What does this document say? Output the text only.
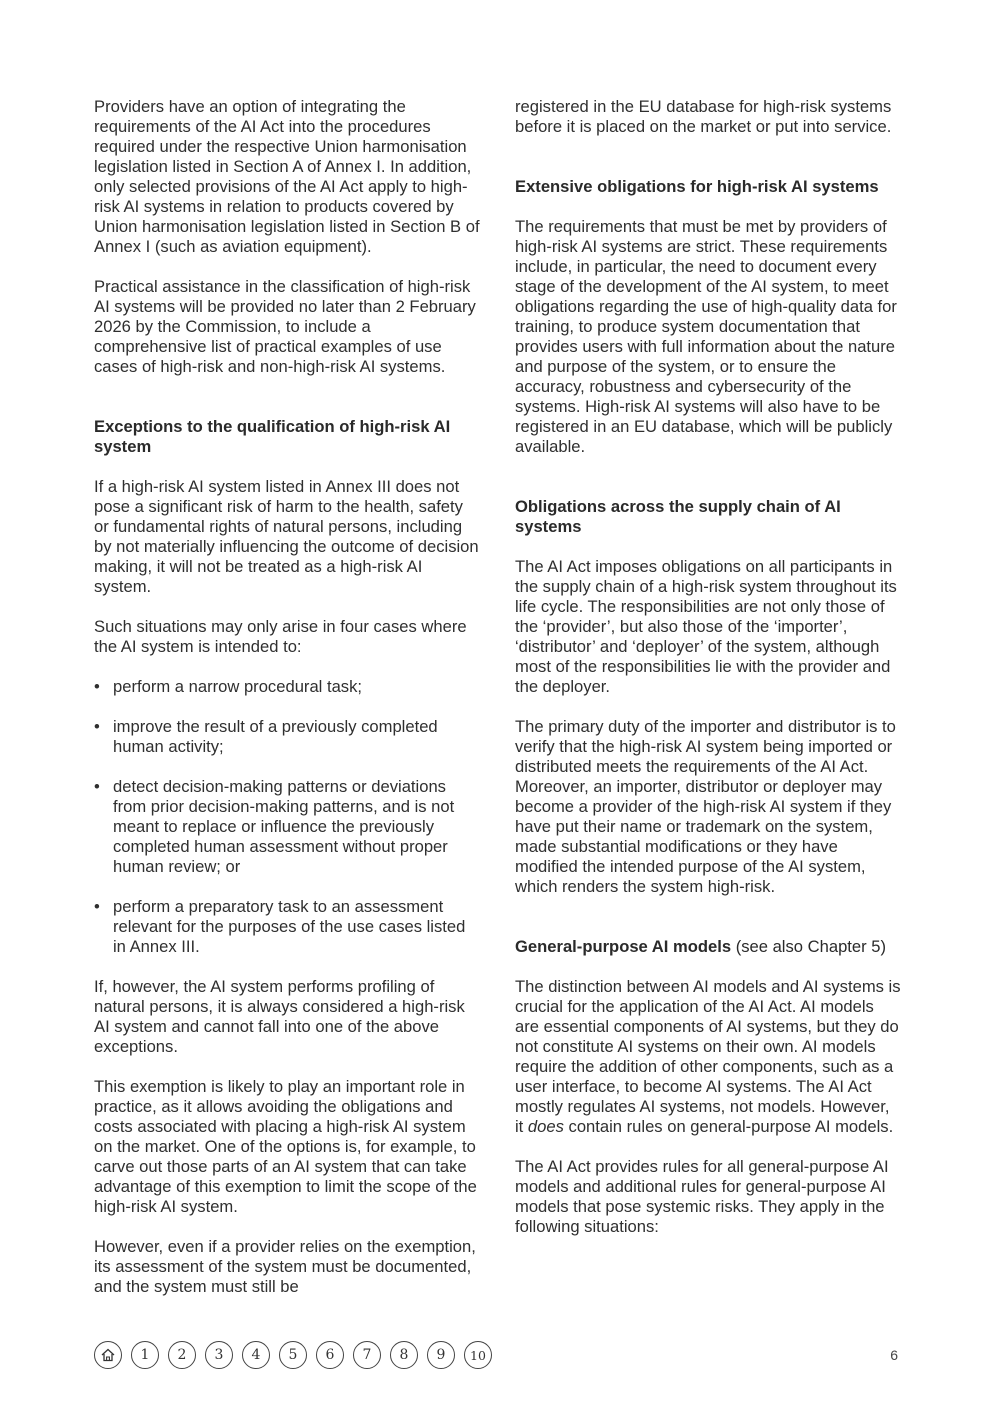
Providers have an option of integrating the requirements of the AI Act into the procedures required under the respective Union harmonisation legislation listed in Section A of Annex I. In addition, only selected provisions of the AI Act apply to high-risk AI systems in relation to products covered by Union harmonisation legislation listed in Section B of Annex I (such as aviation equipment).

Practical assistance in the classification of high-risk AI systems will be provided no later than 2 February 2026 by the Commission, to include a comprehensive list of practical examples of use cases of high-risk and non-high-risk AI systems.

Exceptions to the qualification of high-risk AI system

If a high-risk AI system listed in Annex III does not pose a significant risk of harm to the health, safety or fundamental rights of natural persons, including by not materially influencing the outcome of decision making, it will not be treated as a high-risk AI system.

Such situations may only arise in four cases where the AI system is intended to:

• perform a narrow procedural task;
• improve the result of a previously completed human activity;
• detect decision-making patterns or deviations from prior decision-making patterns, and is not meant to replace or influence the previously completed human assessment without proper human review; or
• perform a preparatory task to an assessment relevant for the purposes of the use cases listed in Annex III.

If, however, the AI system performs profiling of natural persons, it is always considered a high-risk AI system and cannot fall into one of the above exceptions.

This exemption is likely to play an important role in practice, as it allows avoiding the obligations and costs associated with placing a high-risk AI system on the market. One of the options is, for example, to carve out those parts of an AI system that can take advantage of this exemption to limit the scope of the high-risk AI system.

However, even if a provider relies on the exemption, its assessment of the system must be documented, and the system must still be

registered in the EU database for high-risk systems before it is placed on the market or put into service.

Extensive obligations for high-risk AI systems

The requirements that must be met by providers of high-risk AI systems are strict. These requirements include, in particular, the need to document every stage of the development of the AI system, to meet obligations regarding the use of high-quality data for training, to produce system documentation that provides users with full information about the nature and purpose of the system, or to ensure the accuracy, robustness and cybersecurity of the systems. High-risk AI systems will also have to be registered in an EU database, which will be publicly available.

Obligations across the supply chain of AI systems

The AI Act imposes obligations on all participants in the supply chain of a high-risk system throughout its life cycle. The responsibilities are not only those of the ‘provider’, but also those of the ‘importer’, ‘distributor’ and ‘deployer’ of the system, although most of the responsibilities lie with the provider and the deployer.

The primary duty of the importer and distributor is to verify that the high-risk AI system being imported or distributed meets the requirements of the AI Act. Moreover, an importer, distributor or deployer may become a provider of the high-risk AI system if they have put their name or trademark on the system, made substantial modifications or they have modified the intended purpose of the AI system, which renders the system high-risk.

General-purpose AI models (see also Chapter 5)

The distinction between AI models and AI systems is crucial for the application of the AI Act. AI models are essential components of AI systems, but they do not constitute AI systems on their own. AI models require the addition of other components, such as a user interface, to become AI systems. The AI Act mostly regulates AI systems, not models. However, it does contain rules on general-purpose AI models.

The AI Act provides rules for all general-purpose AI models and additional rules for general-purpose AI models that pose systemic risks. They apply in the following situations:

1	2	3	4	5	6	7	8	9	10	6
